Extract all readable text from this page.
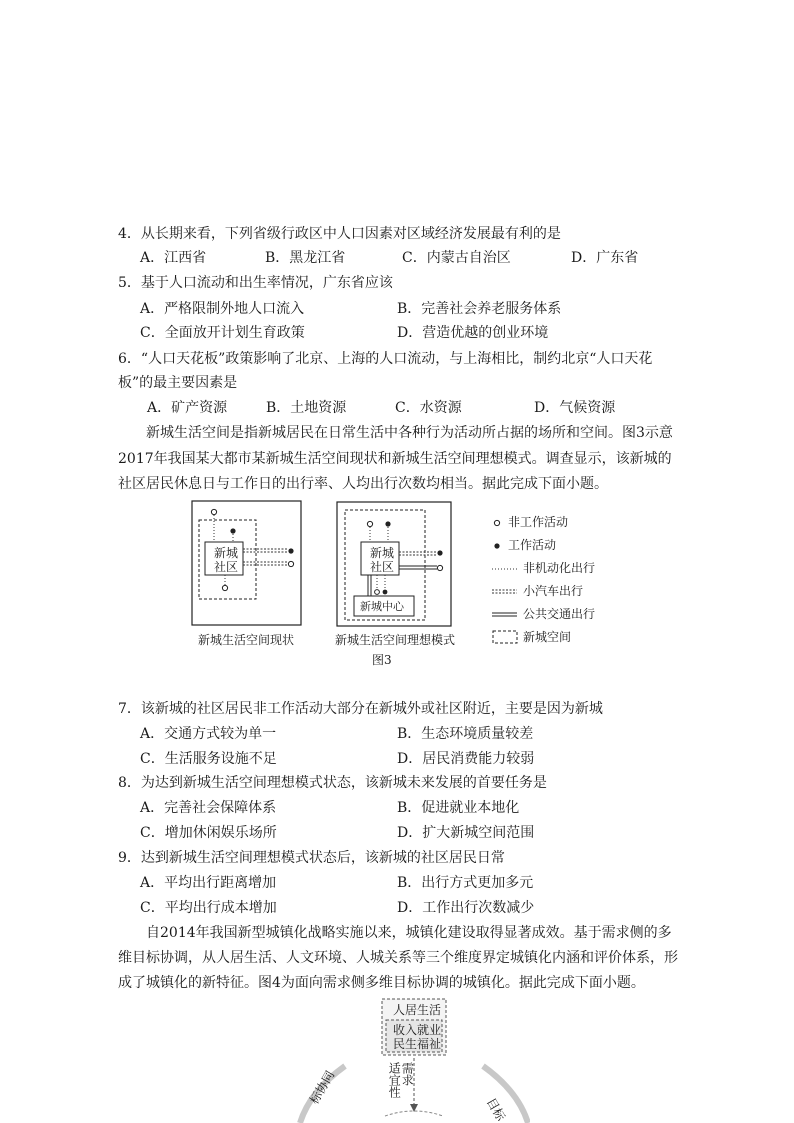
4．从长期来看，下列省级行政区中人口因素对区域经济发展最有利的是
A．江西省	B．黑龙江省	C．内蒙古自治区	D．广东省
5．基于人口流动和出生率情况，广东省应该
A．严格限制外地人口流入	B．完善社会养老服务体系
C．全面放开计划生育政策	D．营造优越的创业环境
6．“人口天花板”政策影响了北京、上海的人口流动，与上海相比，制约北京“人口天花
板”的最主要因素是
A．矿产资源	B．土地资源	C．水资源	D．气候资源
新城生活空间是指新城居民在日常生活中各种行为活动所占据的场所和空间。图3示意
2017年我国某大都市某新城生活空间现状和新城生活空间理想模式。调查显示，该新城的
社区居民休息日与工作日的出行率、人均出行次数均相当。据此完成下面小题。
新城
社区
新城
社区
新城中心
非工作活动
工作活动
非机动化出行
小汽车出行
公共交通出行
新城空间
新城生活空间现状	新城生活空间理想模式
图3
7．该新城的社区居民非工作活动大部分在新城外或社区附近，主要是因为新城
A．交通方式较为单一	B．生态环境质量较差
C．生活服务设施不足	D．居民消费能力较弱
8．为达到新城生活空间理想模式状态，该新城未来发展的首要任务是
A．完善社会保障体系	B．促进就业本地化
C．增加休闲娱乐场所	D．扩大新城空间范围
9．达到新城生活空间理想模式状态后，该新城的社区居民日常
A．平均出行距离增加	B．出行方式更加多元
C．平均出行成本增加	D．工作出行次数减少
自2014年我国新型城镇化战略实施以来，城镇化建设取得显著成效。基于需求侧的多
维目标协调，从人居生活、人文环境、人城关系等三个维度界定城镇化内涵和评价体系，形
成了城镇化的新特征。图4为面向需求侧多维目标协调的城镇化。据此完成下面小题。
人居生活
收入就业
民生福祉
适宜性 需求
标协同
目标
